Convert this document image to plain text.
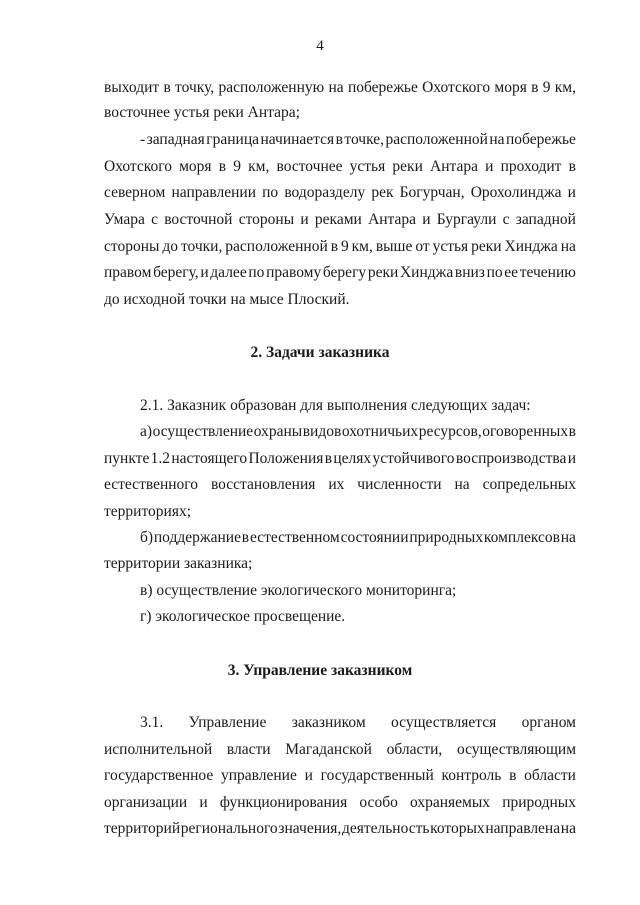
4
выходит в точку, расположенную на побережье Охотского моря в 9 км,
восточнее устья реки Антара;
- западная граница начинается в точке, расположенной на побережье
Охотского моря в 9 км, восточнее устья реки Антара и проходит в
северном направлении по водоразделу рек Богурчан, Орохолинджа и
Умара с восточной стороны и реками Антара и Бургаули с западной
стороны до точки, расположенной в 9 км, выше от устья реки Хинджа на
правом берегу, и далее по правому берегу реки Хинджа вниз по ее течению
до исходной точки на мысе Плоский.
2. Задачи заказника
2.1. Заказник образован для выполнения следующих задач:
а) осуществление охраны видов охотничьих ресурсов, оговоренных в
пункте 1.2 настоящего Положения в целях устойчивого воспроизводства и
естественного восстановления их численности на сопредельных
территориях;
б) поддержание в естественном состоянии природных комплексов на
территории заказника;
в) осуществление экологического мониторинга;
г) экологическое просвещение.
3. Управление заказником
3.1. Управление заказником осуществляется органом
исполнительной власти Магаданской области, осуществляющим
государственное управление и государственный контроль в области
организации и функционирования особо охраняемых природных
территорий регионального значения, деятельность которых направлена на
